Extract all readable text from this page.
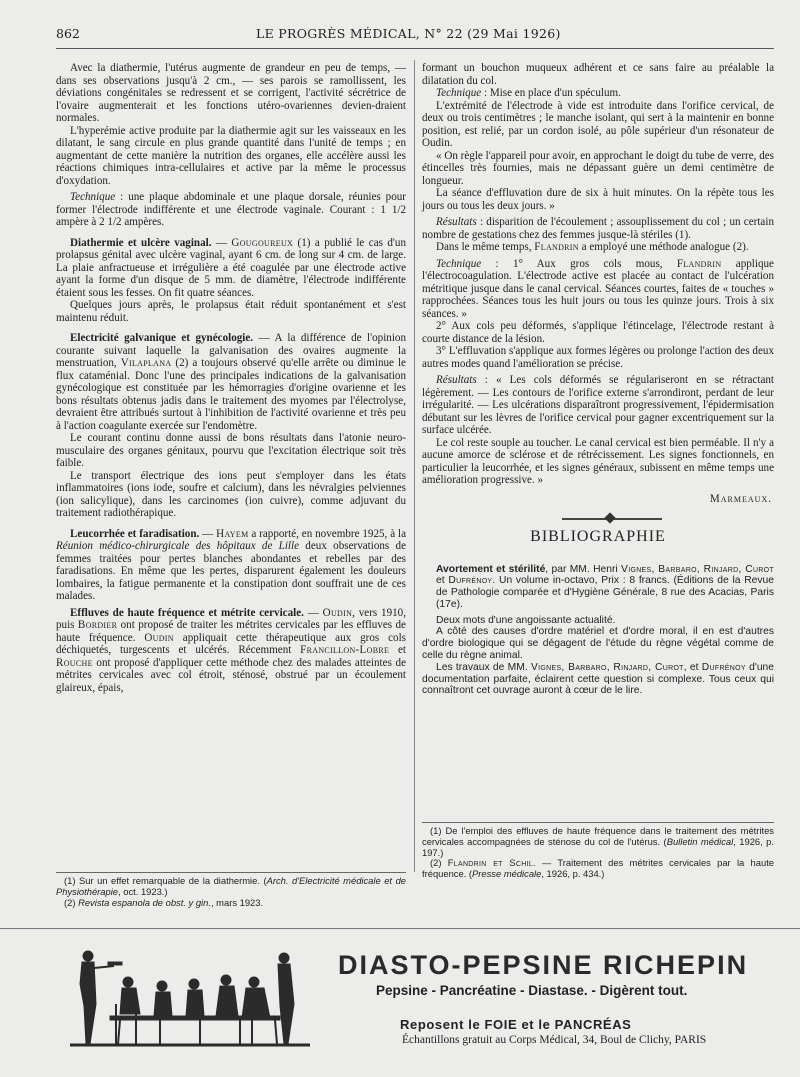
862	LE PROGRÈS MÉDICAL, N° 22 (29 Mai 1926)

Avec la diathermie, l'utérus augmente de grandeur en peu de temps, — dans ses observations jusqu'à 2 cm., — ses parois se ramollissent, les déviations congénitales se redressent et se corrigent, l'activité sécrétrice de l'ovaire augmenterait et les fonctions utéro-ovariennes devien-draient normales.

L'hyperémie active produite par la diathermie agit sur les vaisseaux en les dilatant, le sang circule en plus grande quantité dans l'unité de temps ; en augmentant de cette manière la nutrition des organes, elle accélère aussi les réactions chimiques intra-cellulaires et active par la même le processus d'oxydation.

Technique : une plaque abdominale et une plaque dorsale, réunies pour former l'électrode indifférente et une électrode vaginale. Courant : 1 1/2 ampère à 2 1/2 ampères.

Diathermie et ulcère vaginal. — Gougoureux (1) a publié le cas d'un prolapsus génital avec ulcère vaginal, ayant 6 cm. de long sur 4 cm. de large. La plaie anfractueuse et irrégulière a été coagulée par une électrode active ayant la forme d'un disque de 5 mm. de diamètre, l'électrode indifférente étaient sous les fesses. On fit quatre séances.

Quelques jours après, le prolapsus était réduit spontanément et s'est maintenu réduit.

Electricité galvanique et gynécologie. — A la différence de l'opinion courante suivant laquelle la galvanisation des ovaires augmente la menstruation, Vilaplana (2) a toujours observé qu'elle arrête ou diminue le flux cataménial. Donc l'une des principales indications de la galvanisation gynécologique est constituée par les hémorragies d'origine ovarienne et les bons résultats obtenus jadis dans le traitement des myomes par l'électrolyse, devraient être attribués surtout à l'inhibition de l'activité ovarienne et très peu à l'action coagulante exercée sur l'endomètre.

Le courant continu donne aussi de bons résultats dans l'atonie neuro-musculaire des organes génitaux, pourvu que l'excitation électrique soit très faible.

Le transport électrique des ions peut s'employer dans les états inflammatoires (ions iode, soufre et calcium), dans les névralgies pelviennes (ion salicylique), dans les carcinomes (ion cuivre), comme adjuvant du traitement radiothérapique.

Leucorrhée et faradisation. — Hayem a rapporté, en novembre 1925, à la Réunion médico-chirurgicale des hôpitaux de Lille deux observations de femmes traitées pour pertes blanches abondantes et rebelles par des faradisations. En même que les pertes, disparurent également les douleurs lombaires, la fatigue permanente et la constipation dont souffrait une de ces malades.

Effluves de haute fréquence et métrite cervicale. — Oudin, vers 1910, puis Bordier ont proposé de traiter les métrites cervicales par les effluves de haute fréquence. Oudin appliquait cette thérapeutique aux gros cols déchiquetés, turgescents et ulcérés. Récemment Francillon-Lobre et Rouche ont proposé d'appliquer cette méthode chez des malades atteintes de métrites cervicales avec col étroit, sténosé, obstrué par un écoulement glaireux, épais,

formant un bouchon muqueux adhérent et ce sans faire au préalable la dilatation du col.

Technique : Mise en place d'un spéculum.

L'extrémité de l'électrode à vide est introduite dans l'orifice cervical, de deux ou trois centimètres ; le manche isolant, qui sert à la maintenir en bonne position, est relié, par un cordon isolé, au pôle supérieur d'un résonateur de Oudin.

« On règle l'appareil pour avoir, en approchant le doigt du tube de verre, des étincelles très fournies, mais ne dépassant guère un demi centimètre de longueur.

La séance d'effluvation dure de six à huit minutes. On la répète tous les jours ou tous les deux jours. »

Résultats : disparition de l'écoulement ; assouplissement du col ; un certain nombre de gestations chez des femmes jusque-là stériles (1).

Dans le même temps, Flandrin a employé une méthode analogue (2).

Technique : 1° Aux gros cols mous, Flandrin applique l'électrocoagulation. L'électrode active est placée au contact de l'ulcération métritique jusque dans le canal cervical. Séances courtes, faites de « touches » rapprochées. Séances tous les huit jours ou tous les quinze jours. Trois à six séances. »

2° Aux cols peu déformés, s'applique l'étincelage, l'électrode restant à courte distance de la lésion.

3° L'effluvation s'applique aux formes légères ou prolonge l'action des deux autres modes quand l'amélioration se précise.

Résultats : « Les cols déformés se régulariseront en se rétractant légèrement. — Les contours de l'orifice externe s'arrondiront, perdant de leur irrégularité. — Les ulcérations disparaîtront progressivement, l'épidermisation débutant sur les lèvres de l'orifice cervical pour gagner excentriquement sur la surface ulcérée.

Le col reste souple au toucher. Le canal cervical est bien perméable. Il n'y a aucune amorce de sclérose et de rétrécissement. Les signes fonctionnels, en particulier la leucorrhée, et les signes généraux, subissent en même temps une amélioration progressive. »

Marmeaux.

BIBLIOGRAPHIE

Avortement et stérilité, par MM. Henri Vignes, Barbaro, Rinjard, Curot et Dufrénoy. Un volume in-octavo, Prix : 8 francs. (Éditions de la Revue de Pathologie comparée et d'Hygiène Générale, 8 rue des Acacias, Paris (17e).

Deux mots d'une angoissante actualité.

A côté des causes d'ordre matériel et d'ordre moral, il en est d'autres d'ordre biologique qui se dégagent de l'étude du règne végétal comme de celle du règne animal.

Les travaux de MM. Vignes, Barbaro, Rinjard, Curot, et Dufrénoy d'une documentation parfaite, éclairent cette question si complexe. Tous ceux qui connaîtront cet ouvrage auront à cœur de le lire.

(1) Sur un effet remarquable de la diathermie. (Arch. d'Electricité médicale et de Physiothérapie, oct. 1923.)

(2) Revista espanola de obst. y gin., mars 1923.

(1) De l'emploi des effluves de haute fréquence dans le traitement des métrites cervicales accompagnées de sténose du col de l'utérus. (Bulletin médical, 1926, p. 197.)

(2) Flandrin et Schil. — Traitement des métrites cervicales par la haute fréquence. (Presse médicale, 1926, p. 434.)

DIASTO-PEPSINE RICHEPIN
Pepsine - Pancréatine - Diastase. - Digèrent tout.
Reposent le FOIE et le PANCRÉAS
Échantillons gratuit au Corps Médical, 34, Boul de Clichy, PARIS
